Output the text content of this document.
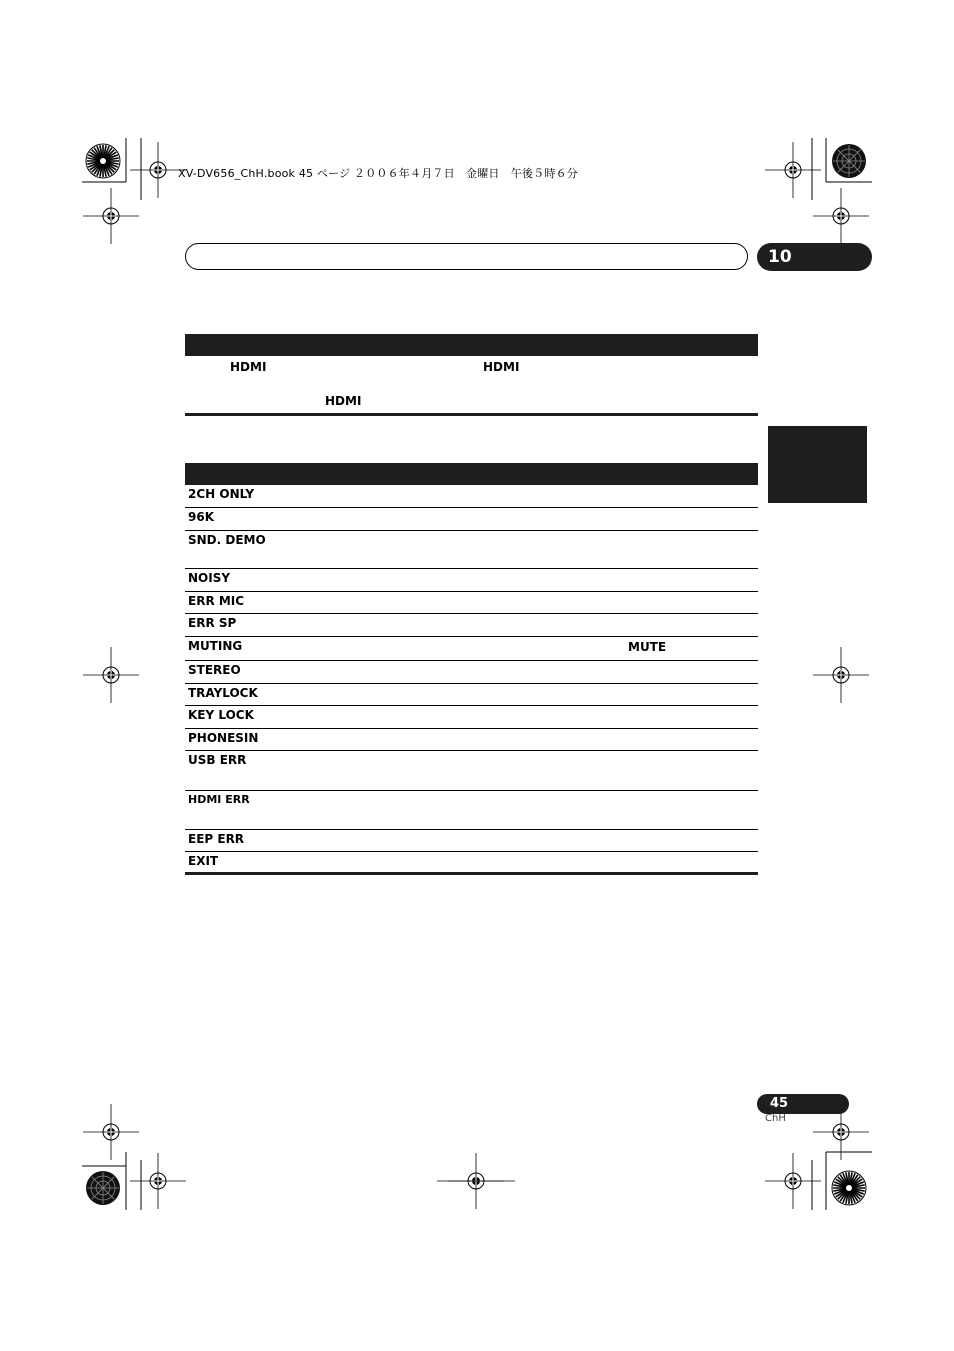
XV-DV656_ChH.book 45 ページ ２００６年４月７日　金曜日　午後５時６分
10
HDMI	HDMI
HDMI
2CH ONLY
96K
SND. DEMO
NOISY
ERR MIC
ERR SP
MUTING	MUTE
STEREO
TRAYLOCK
KEY LOCK
PHONESIN
USB ERR
HDMI ERR
EEP ERR
EXIT
45
ChH
